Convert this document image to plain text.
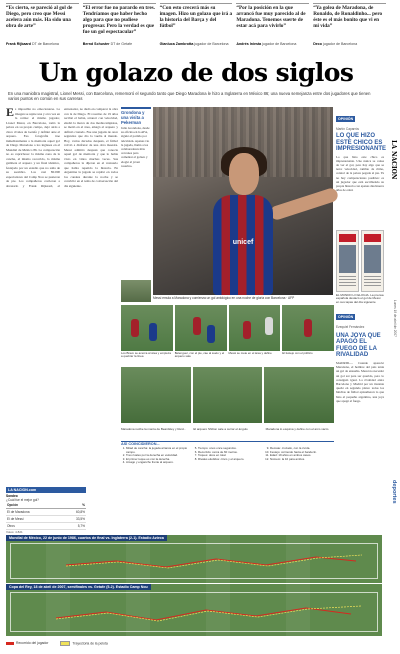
“Es cierto, se pareció al gol de Diego, pero creo que Messi acelera aún más. Ha sido una obra de arte”
Frank Rijkaard DT de Barcelona
“El error fue no parardo en tres. Tendríamos que haber hecho algo para que no pudiese progresar. Pero la verdad es que fue un gol espectacular”
Bernd Schuster DT de Getafe
“Con esto crecerá más su imagen. Hizo un golazo que irá a la historia del Barça y del fútbol”
Gianluca Zambrotta jugador de Barcelona
“Por la posición en la que arrancó fue muy parecido al de Maradona. Tenemos suerte de estar acá para vivirlo”
Andrés Iniesta jugador de Barcelona
“Ya golea de Maradona, de Ronaldo, de Ronaldinho... pero éste es el más bonito que vi en mi vida”
Deco jugador de Barcelona
Un golazo de dos siglos
En una maniobra magistral, Lionel Messi, con Barcelona, rememoró el segundo tanto que Diego Maradona le hizo a Inglaterra en México 86; una nueva semejanza entre dos jugadores que tienen varios puntos en común en sus carreras
Es imposible no emocionarse. La imagen se repite una y otra vez en la retina: el mismo jugador, Lionel Messi, en Barcelona, tomó la pelota en su propio campo, dejó atrás a cinco rivales de Getafe y definió ante el arquero. Esa fotografía trae inmediatamente a la memoria aquel gol de Diego Maradona a los ingleses en el Mundial de México 86. La comparación no es caprichosa: la misma zona de la cancha, el mismo recorrido, la misma gambeta al arquero y un final idéntico, festejado por un estadio que no salía de su asombro. Los casi 80.000 espectadores del Camp Nou se pusieron de pie. Los compañeros corrieron a abrazarlo y Frank Rijkaard, el entrenador, no dudó en comparar la obra con la de Diego. El rosarino de 19 años recibió el balón, arrancó con velocidad, eludió la marca de dos mediocampistas, se metió en el área, amagó al arquero y definió cruzado. Fue una jugada de once segundos que dio la vuelta al mundo. Hoy, varias décadas después, el fútbol volvió a disfrutar de una obra maestra. Messi admitió después que conocía aquel gol de memoria y que lo había visto en video muchas veces. Sus compañeros le dijeron en el vestuario que había repetido la historia. En Argentina la jugada se repitió en todos los canales durante la noche y se convirtió en el tema de conversación del día siguiente.
Grondona y una visita a Pekerman

Julio Grondona, desde su oficina en la AFA, siguió el partido por televisión. Apenas vio la jugada, llamó a los colaboradores más cercanos para comentar el golazo y elogió al joven rosarino.

unicef
Messi emula a Maradona y comienza un gol antológico en una noche de gloria con Barcelona · AFP
Los Bravo se acerca al área y empieza a quebrar la línea
Belenguer, con el pie, cae al suelo y el arquero sale
Messi se mete en el área y define	El festejo con el público
Maradona recibe la marca de Beardsley y Reid...	El arquero Shilton sale a cerrar el ángulo	Maradona lo esquiva y define con el arco vacío
ASÍ COINCIDIERON...
1. Mitad de cancha: la jugada arranca en el propio campo.
2. Tres rivales por la derecha en velocidad.
3. El primer toque es con la derecha.
4. Amago y enganche frente al arquero.
5. Tiempo: unos once segundos.
6. Recorrido: cerca de 60 metros.
7. Toques: doce en total.
8. Rivales eludidos: cinco y el arquero.
9. Remate: cruzado, con la zurda.
10. Festejo: corriendo hacia el banderín.
11. Edad: 19 años en ambos casos.
12. Número: la 10 para ambos.
OPINIÓN
Martín Caparrós
LO QUE HIZO ESTE CHICO ES IMPRESIONANTE
Lo que hizo este chico es impresionante. Uno nunca se cansa de ver el gol, pero hay algo que se nota: velocidad, cambio de ritmo, control de la pelota pegada al pie. Ya no hay comparaciones posibles: es un jugador que está escribiendo su propia historia con apenas diecinueve años de edad.
EL MUNDO LO ELOGIA. La prensa española destacó el gol de Messi en sus tapas del día siguiente
OPINIÓN
Ezequiel Fernández
UNA JOYA QUE APAGÓ EL FUEGO DE LA RIVALIDAD
MADRID.— Cuando apareció Maradona, el hombre del país tenía un gol de ensueño. Messi no necesitó un gol así para ser querido, pero lo consiguió igual. La rivalidad entre Barcelona y Madrid por un instante quedó en segundo plano: todos los hinchas de fútbol aplaudieron lo que hizo el pequeño argentino, una joya que apagó el fuego.
LA NACION
Lunes 19 de abril de 2007
deportes
LA NACION.com
Sondeo
¿Cuál fue el mejor gol?
Opción	%
El de Maradona	60,8%
El de Messi	33,5%
Otros	5,7%
Votos: 4.821
Mundial de México, 22 de junio de 1986, cuartos de final vs. Inglaterra (2-1). Estadio Azteca
Copa del Rey, 18 de abril de 2007, semifinales vs. Getafe (5-2). Estadio Camp Nou
Recorrido del jugador	Trayectoria de la pelota
